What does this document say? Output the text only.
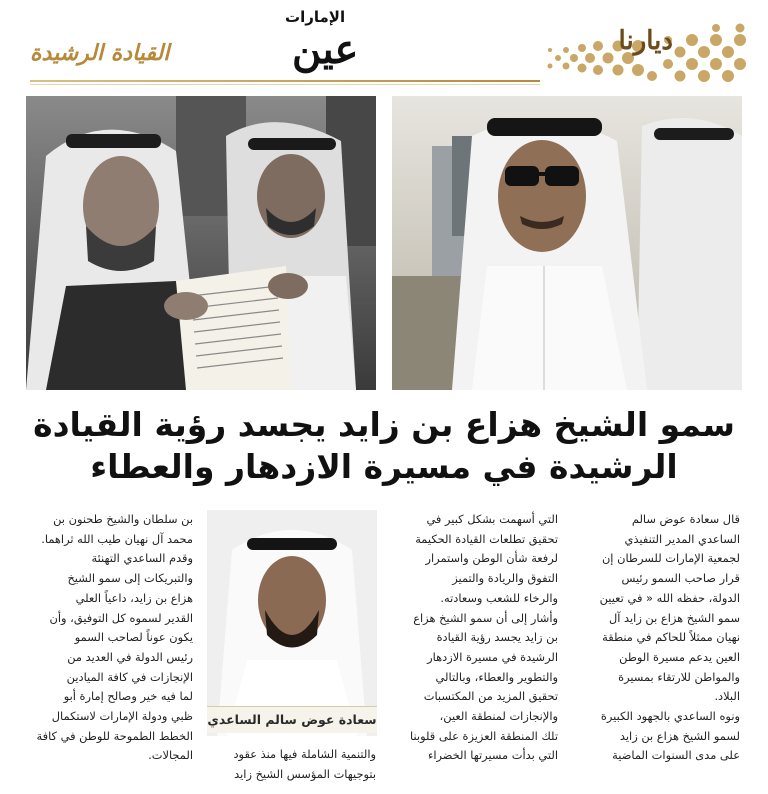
ديارنا
الإمارات
عين
القيادة الرشيدة
سمو الشيخ هزاع بن زايد يجسد رؤية القيادة
الرشيدة في مسيرة الازدهار والعطاء
قال سعادة عوض سالم
الساعدي المدير التنفيذي
لجمعية الإمارات للسرطان إن
قرار صاحب السمو رئيس
الدولة، حفظه الله « في تعيين
سمو الشيخ هزاع بن زايد آل
نهيان ممثلاً للحاكم في منطقة
العين يدعم مسيرة الوطن
والمواطن للارتقاء بمسيرة
البلاد.
ونوه الساعدي بالجهود الكبيرة
لسمو الشيخ هزاع بن زايد
على مدى السنوات الماضية
التي أسهمت بشكل كبير في
تحقيق تطلعات القيادة الحكيمة
لرفعة شأن الوطن واستمرار
التفوق والريادة والتميز
والرخاء للشعب وسعادته.
وأشار إلى أن سمو الشيخ هزاع
بن زايد يجسد رؤية القيادة
الرشيدة في مسيرة الازدهار
والتطوير والعطاء، وبالتالي
تحقيق المزيد من المكتسبات
والإنجازات لمنطقة العين،
تلك المنطقة العزيزة على قلوبنا
التي بدأت مسيرتها الخضراء
سعادة عوض سالم الساعدي
والتنمية الشاملة فيها منذ عقود
بتوجيهات المؤسس الشيخ زايد
بن سلطان والشيخ طحنون بن
محمد آل نهيان طيب الله ثراهما.
وقدم الساعدي التهنئة
والتبريكات إلى سمو الشيخ
هزاع بن زايد، داعياً العلي
القدير لسموه كل التوفيق، وأن
يكون عوناً لصاحب السمو
رئيس الدولة في العديد من
الإنجازات في كافة الميادين
لما فيه خير وصالح إمارة أبو
ظبي ودولة الإمارات لاستكمال
الخطط الطموحة للوطن في كافة
المجالات.
